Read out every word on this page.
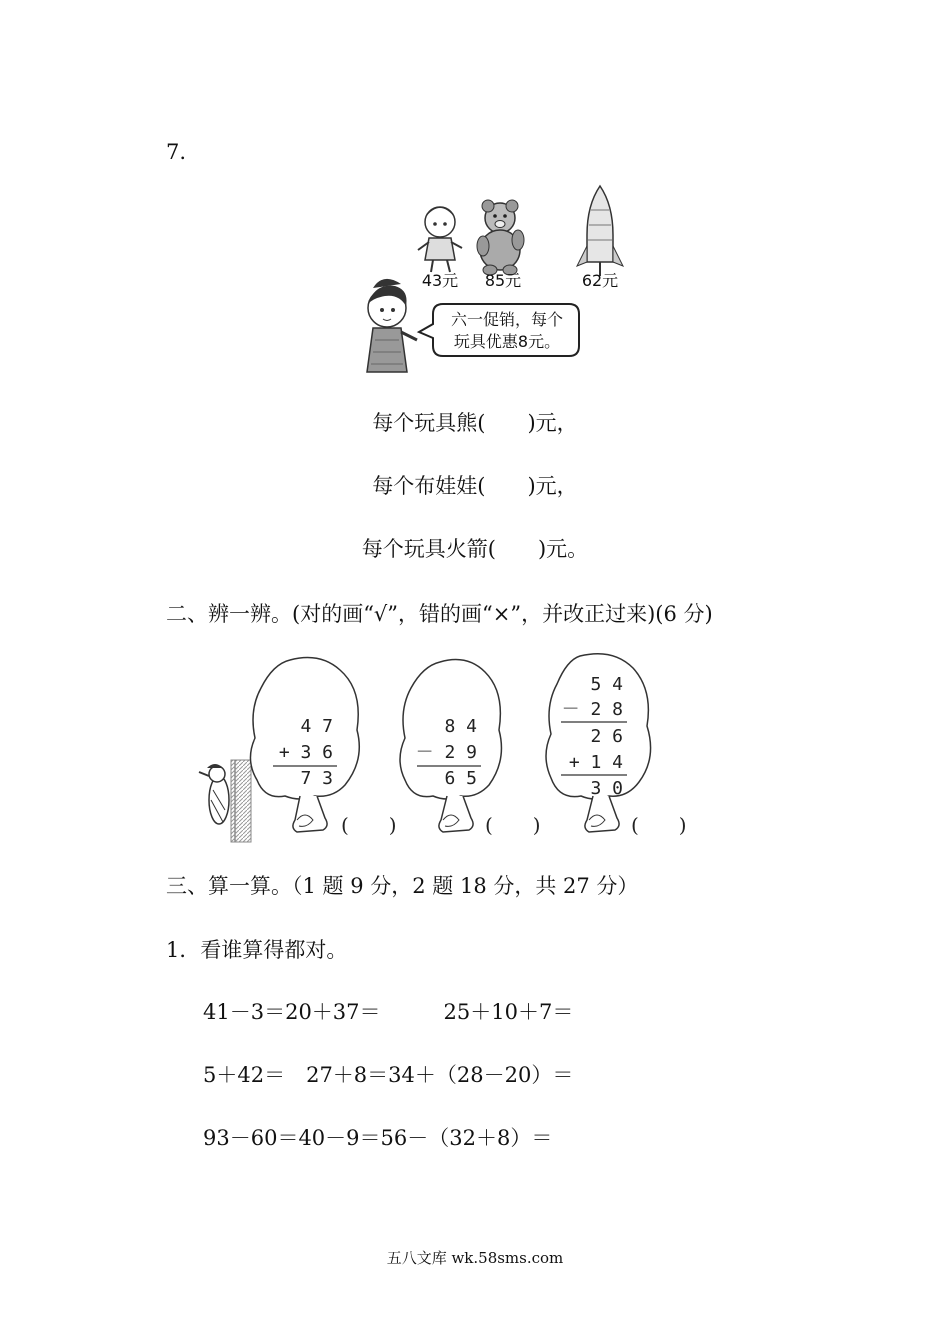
7.
43元 85元	62元
六一促销，每个
玩具优惠8元。
每个玩具熊(　　)元，
每个布娃娃(　　)元，
每个玩具火箭(　　)元。
二、辨一辨。(对的画“√”，错的画“×”，并改正过来)(6 分)
4 7
+ 3 6
7 3
(　　)
8 4
－ 2 9
6 5
(　　)
5 4
－ 2 8
2 6
+ 1 4
3 0
(　　)
三、算一算。（1 题 9 分，2 题 18 分，共 27 分）
1．看谁算得都对。
41－3＝20＋37＝　　　25＋10＋7＝
5＋42＝　27＋8＝34＋（28－20）＝
93－60＝40－9＝56－（32＋8）＝
五八文库 wk.58sms.com
